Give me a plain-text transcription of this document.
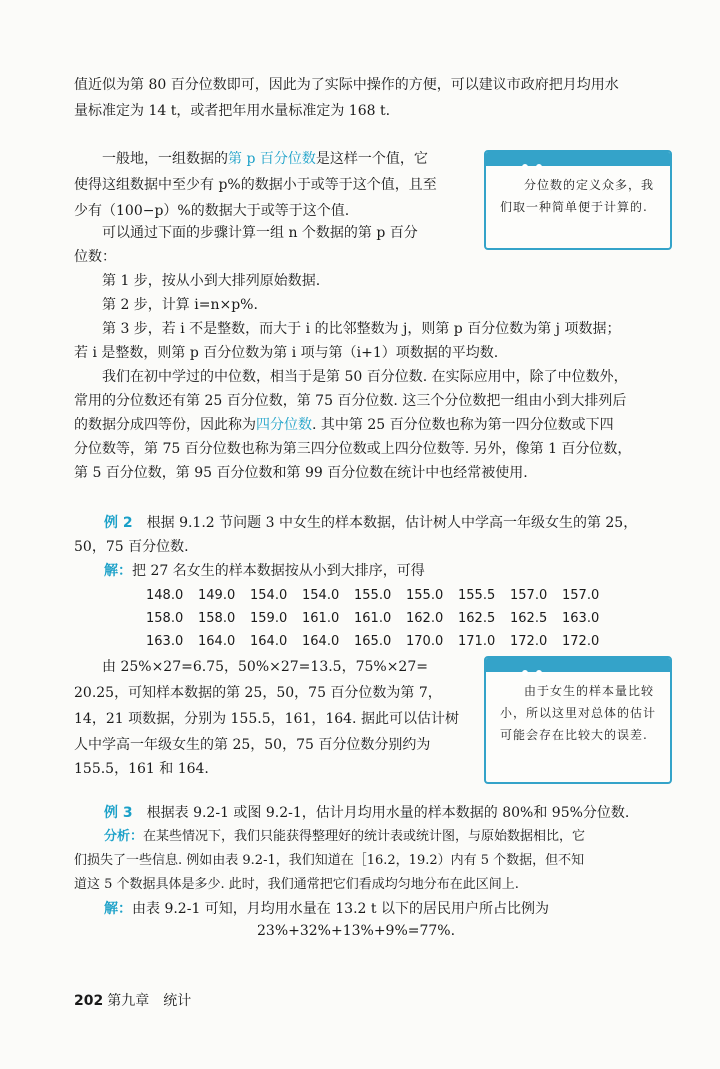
值近似为第 80 百分位数即可，因此为了实际中操作的方便，可以建议市政府把月均用水
量标准定为 14 t，或者把年用水量标准定为 168 t.
一般地，一组数据的第 p 百分位数是这样一个值，它
使得这组数据中至少有 p%的数据小于或等于这个值，且至
少有（100−p）%的数据大于或等于这个值.
可以通过下面的步骤计算一组 n 个数据的第 p 百分
位数：
分位数的定义众多，我们取一种简单便于计算的.
第 1 步，按从小到大排列原始数据.
第 2 步，计算 i=n×p%.
第 3 步，若 i 不是整数，而大于 i 的比邻整数为 j，则第 p 百分位数为第 j 项数据；
若 i 是整数，则第 p 百分位数为第 i 项与第（i+1）项数据的平均数.
我们在初中学过的中位数，相当于是第 50 百分位数. 在实际应用中，除了中位数外，
常用的分位数还有第 25 百分位数，第 75 百分位数. 这三个分位数把一组由小到大排列后
的数据分成四等份，因此称为四分位数. 其中第 25 百分位数也称为第一四分位数或下四
分位数等，第 75 百分位数也称为第三四分位数或上四分位数等. 另外，像第 1 百分位数，
第 5 百分位数，第 95 百分位数和第 99 百分位数在统计中也经常被使用.
例 2　 根据 9.1.2 节问题 3 中女生的样本数据，估计树人中学高一年级女生的第 25，
50，75 百分位数.
解：把 27 名女生的样本数据按从小到大排序，可得
148.0 149.0 154.0 154.0 155.0 155.0 155.5 157.0 157.0
158.0 158.0 159.0 161.0 161.0 162.0 162.5 162.5 163.0
163.0 164.0 164.0 164.0 165.0 170.0 171.0 172.0 172.0
由 25%×27=6.75，50%×27=13.5，75%×27=
20.25，可知样本数据的第 25，50，75 百分位数为第 7，
14，21 项数据，分别为 155.5，161，164. 据此可以估计树
人中学高一年级女生的第 25，50，75 百分位数分别约为
155.5，161 和 164.
由于女生的样本量比较小，所以这里对总体的估计可能会存在比较大的误差.
例 3　 根据表 9.2-1 或图 9.2-1，估计月均用水量的样本数据的 80%和 95%分位数.
分析：在某些情况下，我们只能获得整理好的统计表或统计图，与原始数据相比，它
们损失了一些信息. 例如由表 9.2-1，我们知道在［16.2，19.2）内有 5 个数据，但不知
道这 5 个数据具体是多少. 此时，我们通常把它们看成均匀地分布在此区间上.
解：由表 9.2-1 可知，月均用水量在 13.2 t 以下的居民用户所占比例为
23%+32%+13%+9%=77%.
202 第九章　统计
